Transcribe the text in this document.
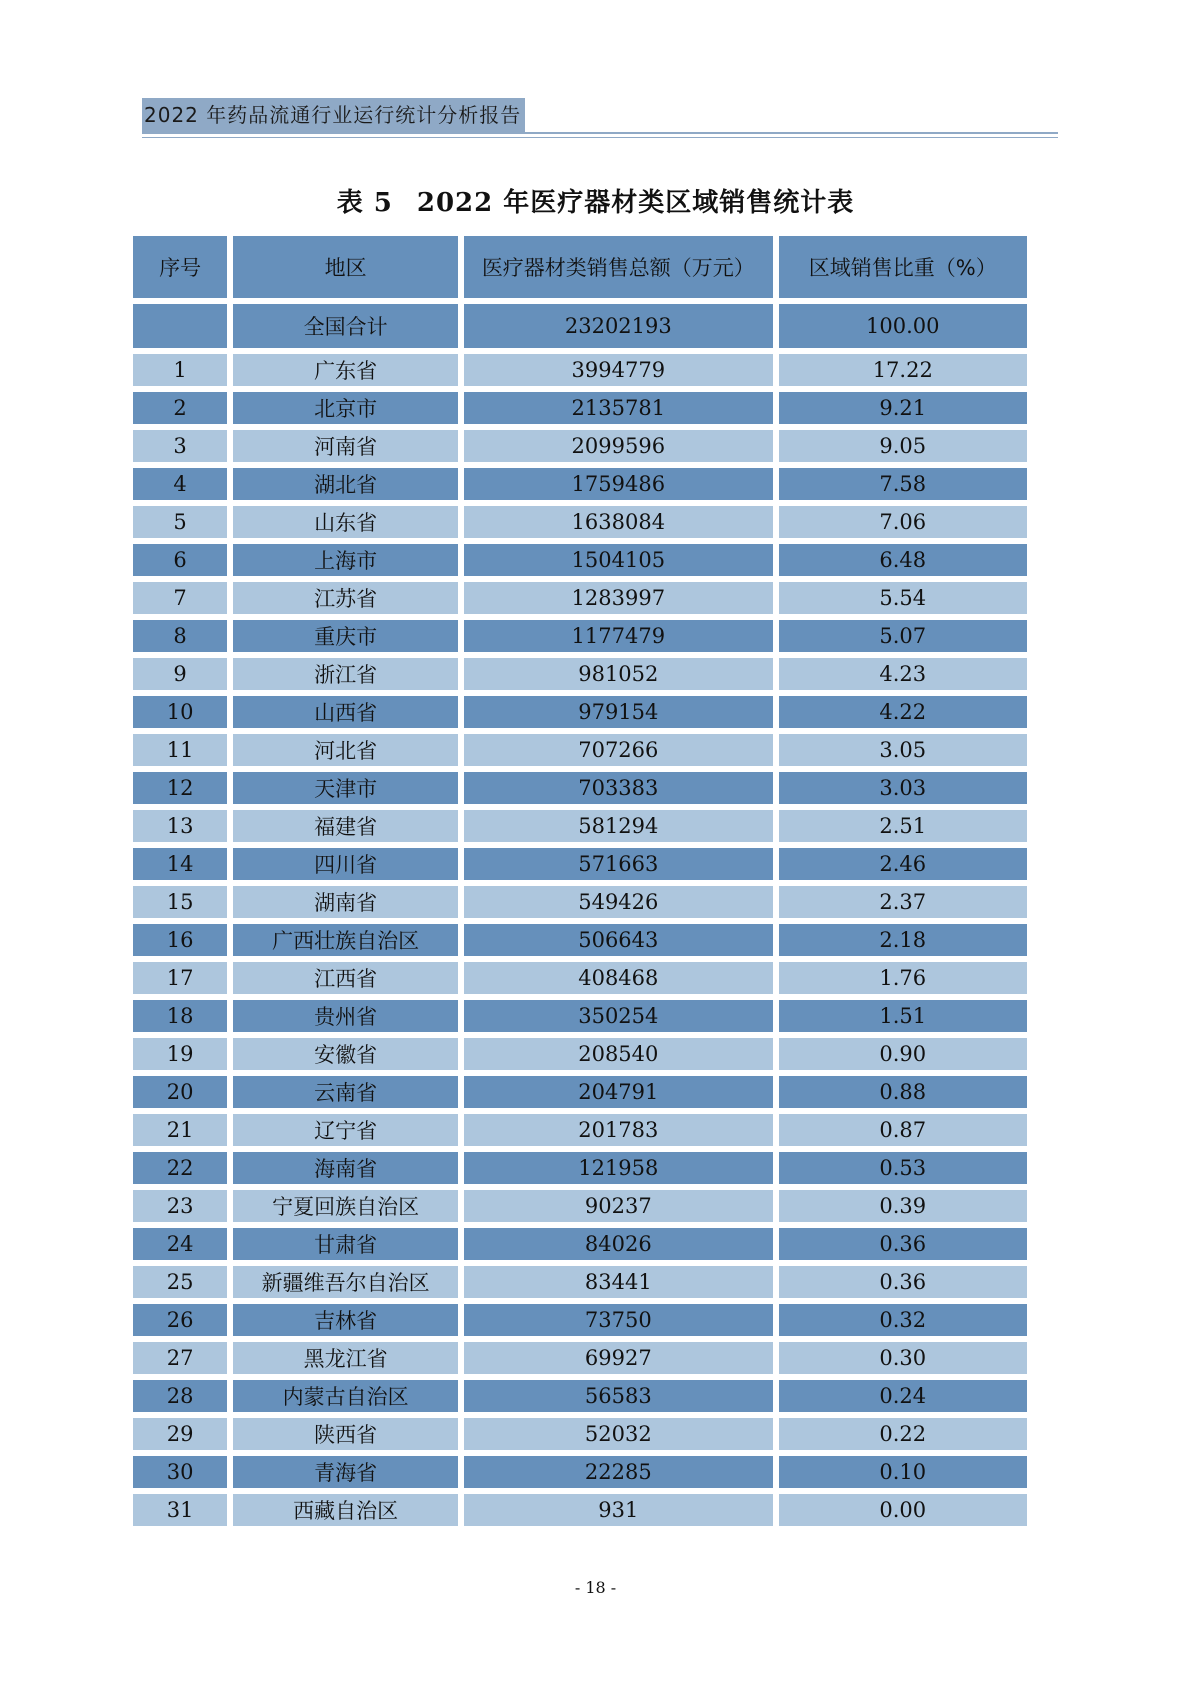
2022 年药品流通行业运行统计分析报告
表 5 2022 年医疗器材类区域销售统计表
序号	地区	医疗器材类销售总额（万元）	区域销售比重（%）
	全国合计	23202193	100.00
1	广东省	3994779	17.22
2	北京市	2135781	9.21
3	河南省	2099596	9.05
4	湖北省	1759486	7.58
5	山东省	1638084	7.06
6	上海市	1504105	6.48
7	江苏省	1283997	5.54
8	重庆市	1177479	5.07
9	浙江省	981052	4.23
10	山西省	979154	4.22
11	河北省	707266	3.05
12	天津市	703383	3.03
13	福建省	581294	2.51
14	四川省	571663	2.46
15	湖南省	549426	2.37
16	广西壮族自治区	506643	2.18
17	江西省	408468	1.76
18	贵州省	350254	1.51
19	安徽省	208540	0.90
20	云南省	204791	0.88
21	辽宁省	201783	0.87
22	海南省	121958	0.53
23	宁夏回族自治区	90237	0.39
24	甘肃省	84026	0.36
25	新疆维吾尔自治区	83441	0.36
26	吉林省	73750	0.32
27	黑龙江省	69927	0.30
28	内蒙古自治区	56583	0.24
29	陕西省	52032	0.22
30	青海省	22285	0.10
31	西藏自治区	931	0.00
- 18 -
